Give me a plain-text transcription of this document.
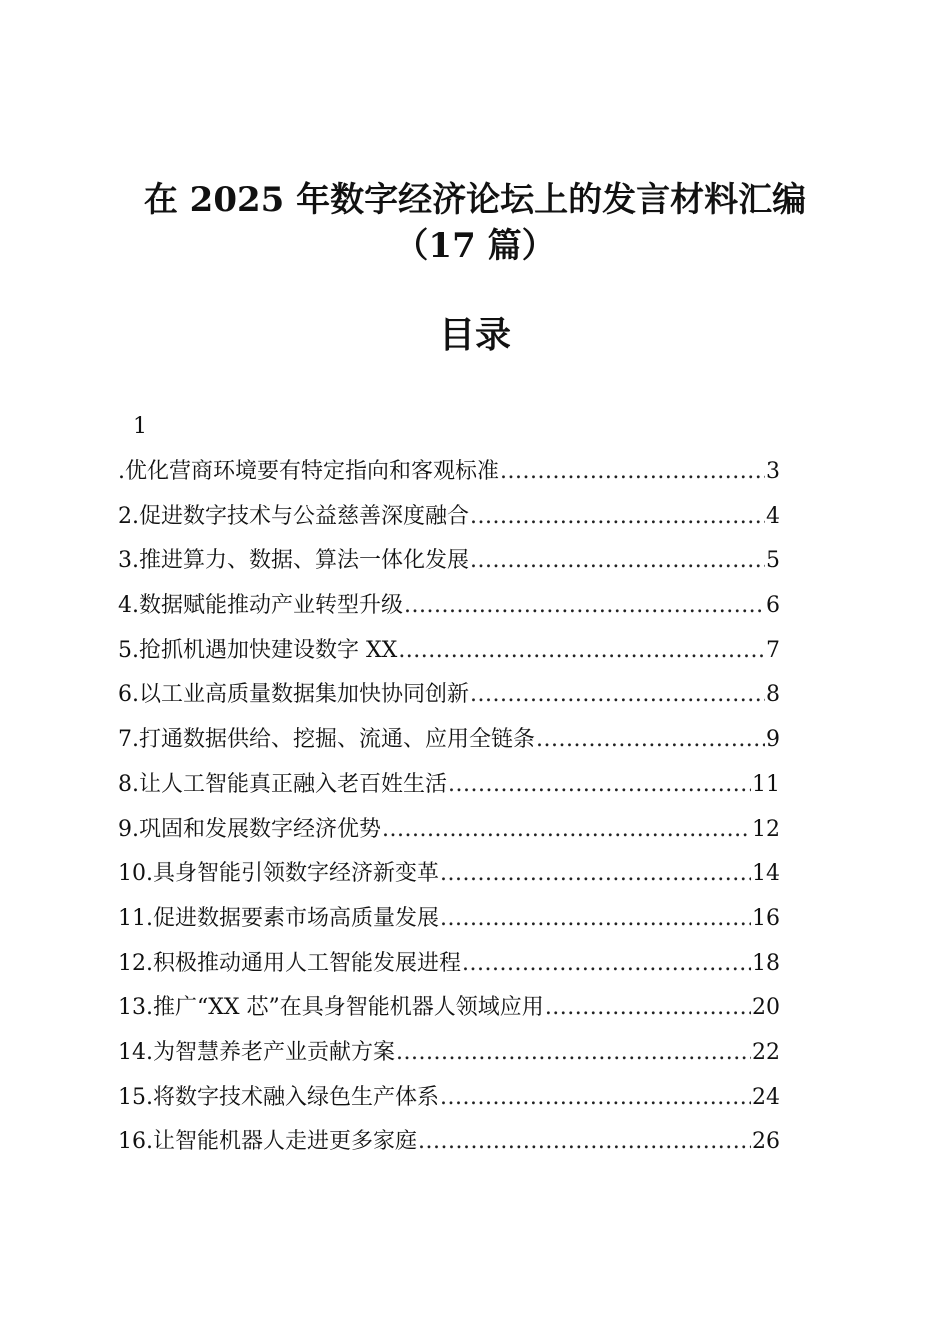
在 2025 年数字经济论坛上的发言材料汇编
（17 篇）
目录
1
.优化营商环境要有特定指向和客观标准 .....	3
2.促进数字技术与公益慈善深度融合 .....	4
3.推进算力、数据、算法一体化发展 .....	5
4.数据赋能推动产业转型升级 .....	6
5.抢抓机遇加快建设数字 XX .....	7
6.以工业高质量数据集加快协同创新 .....	8
7.打通数据供给、挖掘、流通、应用全链条 .....	9
8.让人工智能真正融入老百姓生活 .....	11
9.巩固和发展数字经济优势 .....	12
10.具身智能引领数字经济新变革 .....	14
11.促进数据要素市场高质量发展 .....	16
12.积极推动通用人工智能发展进程 .....	18
13.推广“XX 芯”在具身智能机器人领域应用 .....	20
14.为智慧养老产业贡献方案 .....	22
15.将数字技术融入绿色生产体系 .....	24
16.让智能机器人走进更多家庭 .....	26
